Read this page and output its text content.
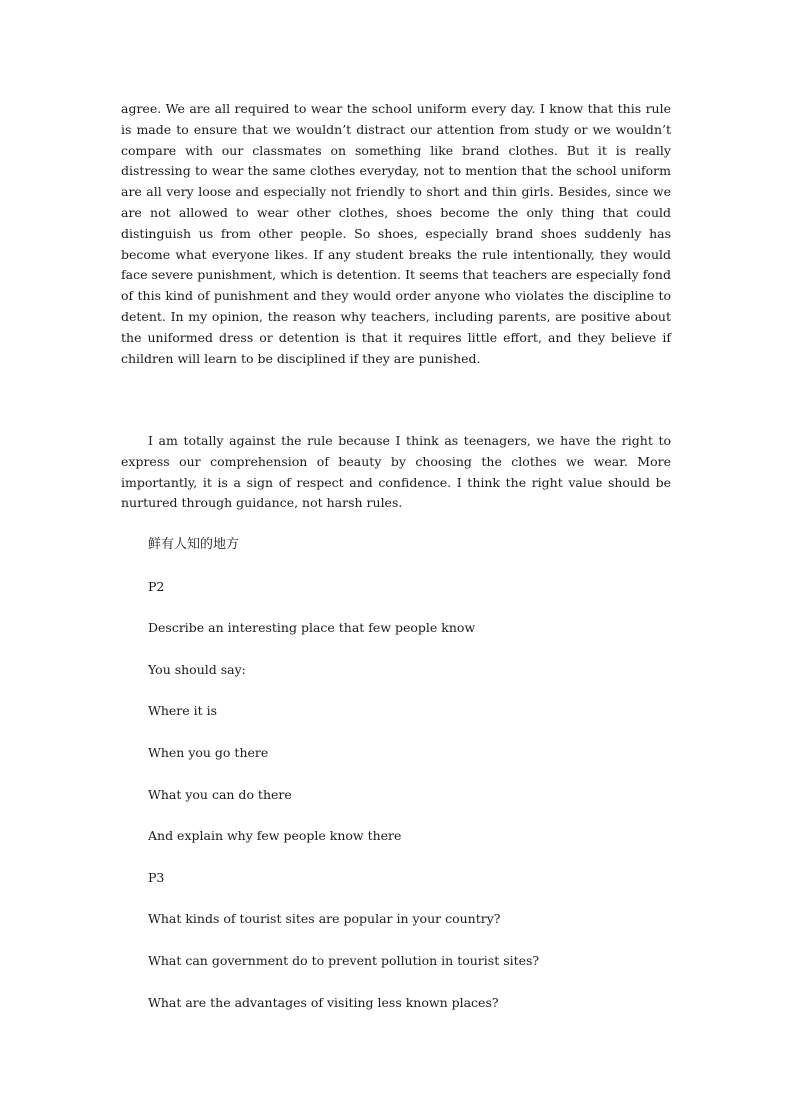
agree. We are all required to wear the school uniform every day. I know that this rule is made to ensure that we wouldn’t distract our attention from study or we wouldn’t compare with our classmates on something like brand clothes. But it is really distressing to wear the same clothes everyday, not to mention that the school uniform are all very loose and especially not friendly to short and thin girls. Besides, since we are not allowed to wear other clothes, shoes become the only thing that could distinguish us from other people. So shoes, especially brand shoes suddenly has become what everyone likes. If any student breaks the rule intentionally, they would face severe punishment, which is detention. It seems that teachers are especially fond of this kind of punishment and they would order anyone who violates the discipline to detent. In my opinion, the reason why teachers, including parents, are positive about the uniformed dress or detention is that it requires little effort, and they believe if children will learn to be disciplined if they are punished.

I am totally against the rule because I think as teenagers, we have the right to express our comprehension of beauty by choosing the clothes we wear. More importantly, it is a sign of respect and confidence. I think the right value should be nurtured through guidance, not harsh rules.

鲜有人知的地方
P2
Describe an interesting place that few people know
You should say:
Where it is
When you go there
What you can do there
And explain why few people know there
P3
What kinds of tourist sites are popular in your country?
What can government do to prevent pollution in tourist sites?
What are the advantages of visiting less known places?
